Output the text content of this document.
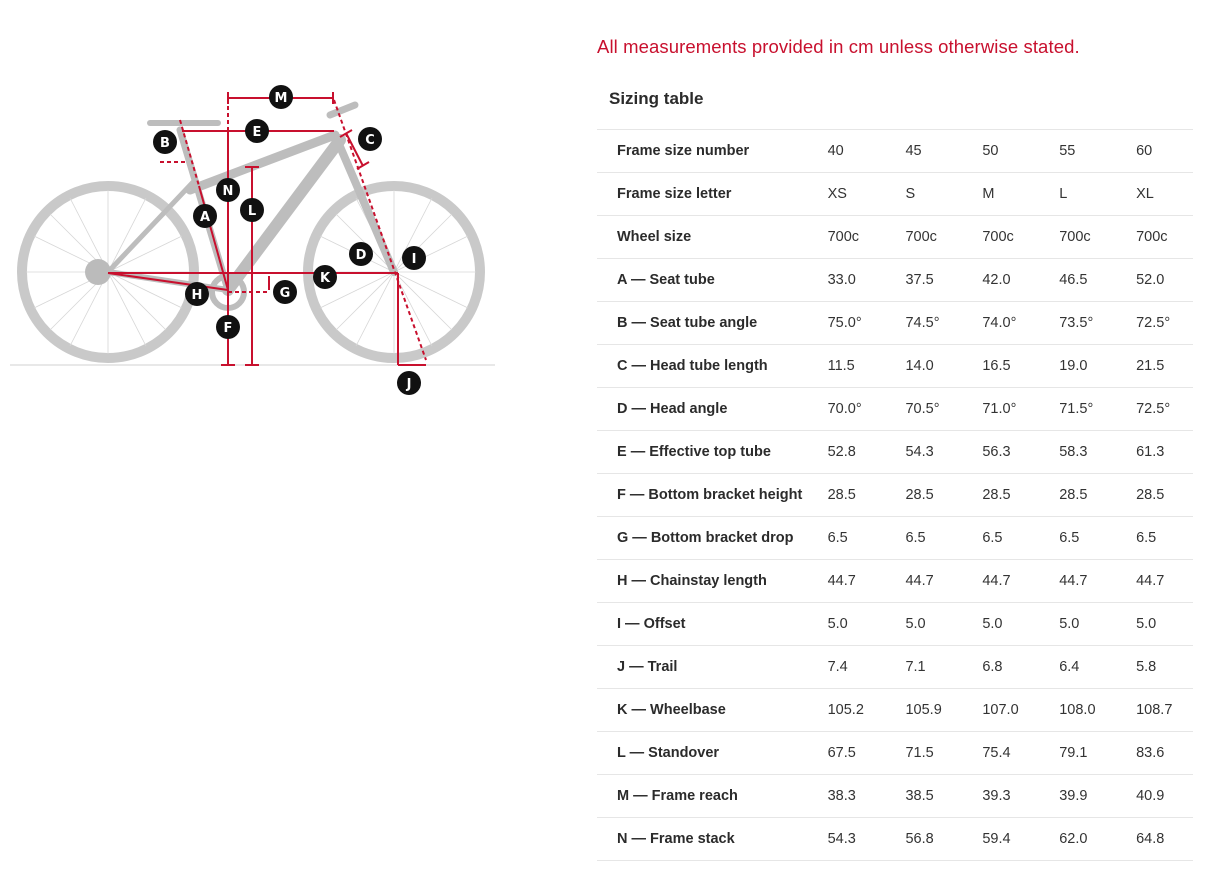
M
E
B	C
N
L
A
D	I
K
G
H
F
J
All measurements provided in cm unless otherwise stated.
Sizing table
Frame size number	40	45	50	55	60
Frame size letter	XS	S	M	L	XL
Wheel size	700c	700c	700c	700c	700c
A — Seat tube	33.0	37.5	42.0	46.5	52.0
B — Seat tube angle	75.0°	74.5°	74.0°	73.5°	72.5°
C — Head tube length	11.5	14.0	16.5	19.0	21.5
D — Head angle	70.0°	70.5°	71.0°	71.5°	72.5°
E — Effective top tube	52.8	54.3	56.3	58.3	61.3
F — Bottom bracket height	28.5	28.5	28.5	28.5	28.5
G — Bottom bracket drop	6.5	6.5	6.5	6.5	6.5
H — Chainstay length	44.7	44.7	44.7	44.7	44.7
I — Offset	5.0	5.0	5.0	5.0	5.0
J — Trail	7.4	7.1	6.8	6.4	5.8
K — Wheelbase	105.2	105.9	107.0	108.0	108.7
L — Standover	67.5	71.5	75.4	79.1	83.6
M — Frame reach	38.3	38.5	39.3	39.9	40.9
N — Frame stack	54.3	56.8	59.4	62.0	64.8
